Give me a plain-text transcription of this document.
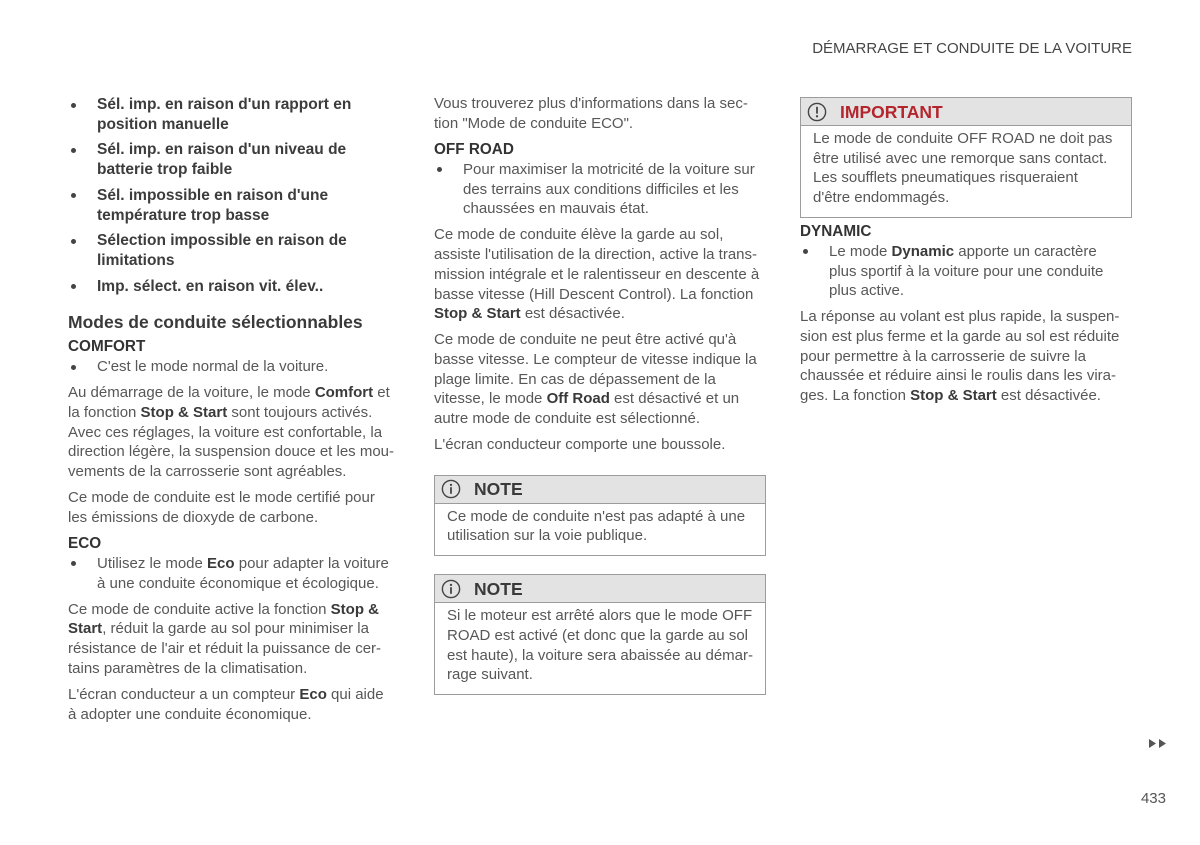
DÉMARRAGE ET CONDUITE DE LA VOITURE
Sél. imp. en raison d'un rapport en
position manuelle
Sél. imp. en raison d'un niveau de
batterie trop faible
Sél. impossible en raison d'une
température trop basse
Sélection impossible en raison de
limitations
Imp. sélect. en raison vit. élev..
Modes de conduite sélectionnables
COMFORT
C'est le mode normal de la voiture.
Au démarrage de la voiture, le mode Comfort et
la fonction Stop & Start sont toujours activés.
Avec ces réglages, la voiture est confortable, la
direction légère, la suspension douce et les mou-
vements de la carrosserie sont agréables.
Ce mode de conduite est le mode certifié pour
les émissions de dioxyde de carbone.
ECO
Utilisez le mode Eco pour adapter la voiture
à une conduite économique et écologique.
Ce mode de conduite active la fonction Stop &
Start, réduit la garde au sol pour minimiser la
résistance de l'air et réduit la puissance de cer-
tains paramètres de la climatisation.
L'écran conducteur a un compteur Eco qui aide
à adopter une conduite économique.
Vous trouverez plus d'informations dans la sec-
tion "Mode de conduite ECO".
OFF ROAD
Pour maximiser la motricité de la voiture sur
des terrains aux conditions difficiles et les
chaussées en mauvais état.
Ce mode de conduite élève la garde au sol,
assiste l'utilisation de la direction, active la trans-
mission intégrale et le ralentisseur en descente à
basse vitesse (Hill Descent Control). La fonction
Stop & Start est désactivée.
Ce mode de conduite ne peut être activé qu'à
basse vitesse. Le compteur de vitesse indique la
plage limite. En cas de dépassement de la
vitesse, le mode Off Road est désactivé et un
autre mode de conduite est sélectionné.
L'écran conducteur comporte une boussole.
NOTE
Ce mode de conduite n'est pas adapté à une
utilisation sur la voie publique.
NOTE
Si le moteur est arrêté alors que le mode OFF
ROAD est activé (et donc que la garde au sol
est haute), la voiture sera abaissée au démar-
rage suivant.
IMPORTANT
Le mode de conduite OFF ROAD ne doit pas
être utilisé avec une remorque sans contact.
Les soufflets pneumatiques risqueraient
d'être endommagés.
DYNAMIC
Le mode Dynamic apporte un caractère
plus sportif à la voiture pour une conduite
plus active.
La réponse au volant est plus rapide, la suspen-
sion est plus ferme et la garde au sol est réduite
pour permettre à la carrosserie de suivre la
chaussée et réduire ainsi le roulis dans les vira-
ges. La fonction Stop & Start est désactivée.
433
